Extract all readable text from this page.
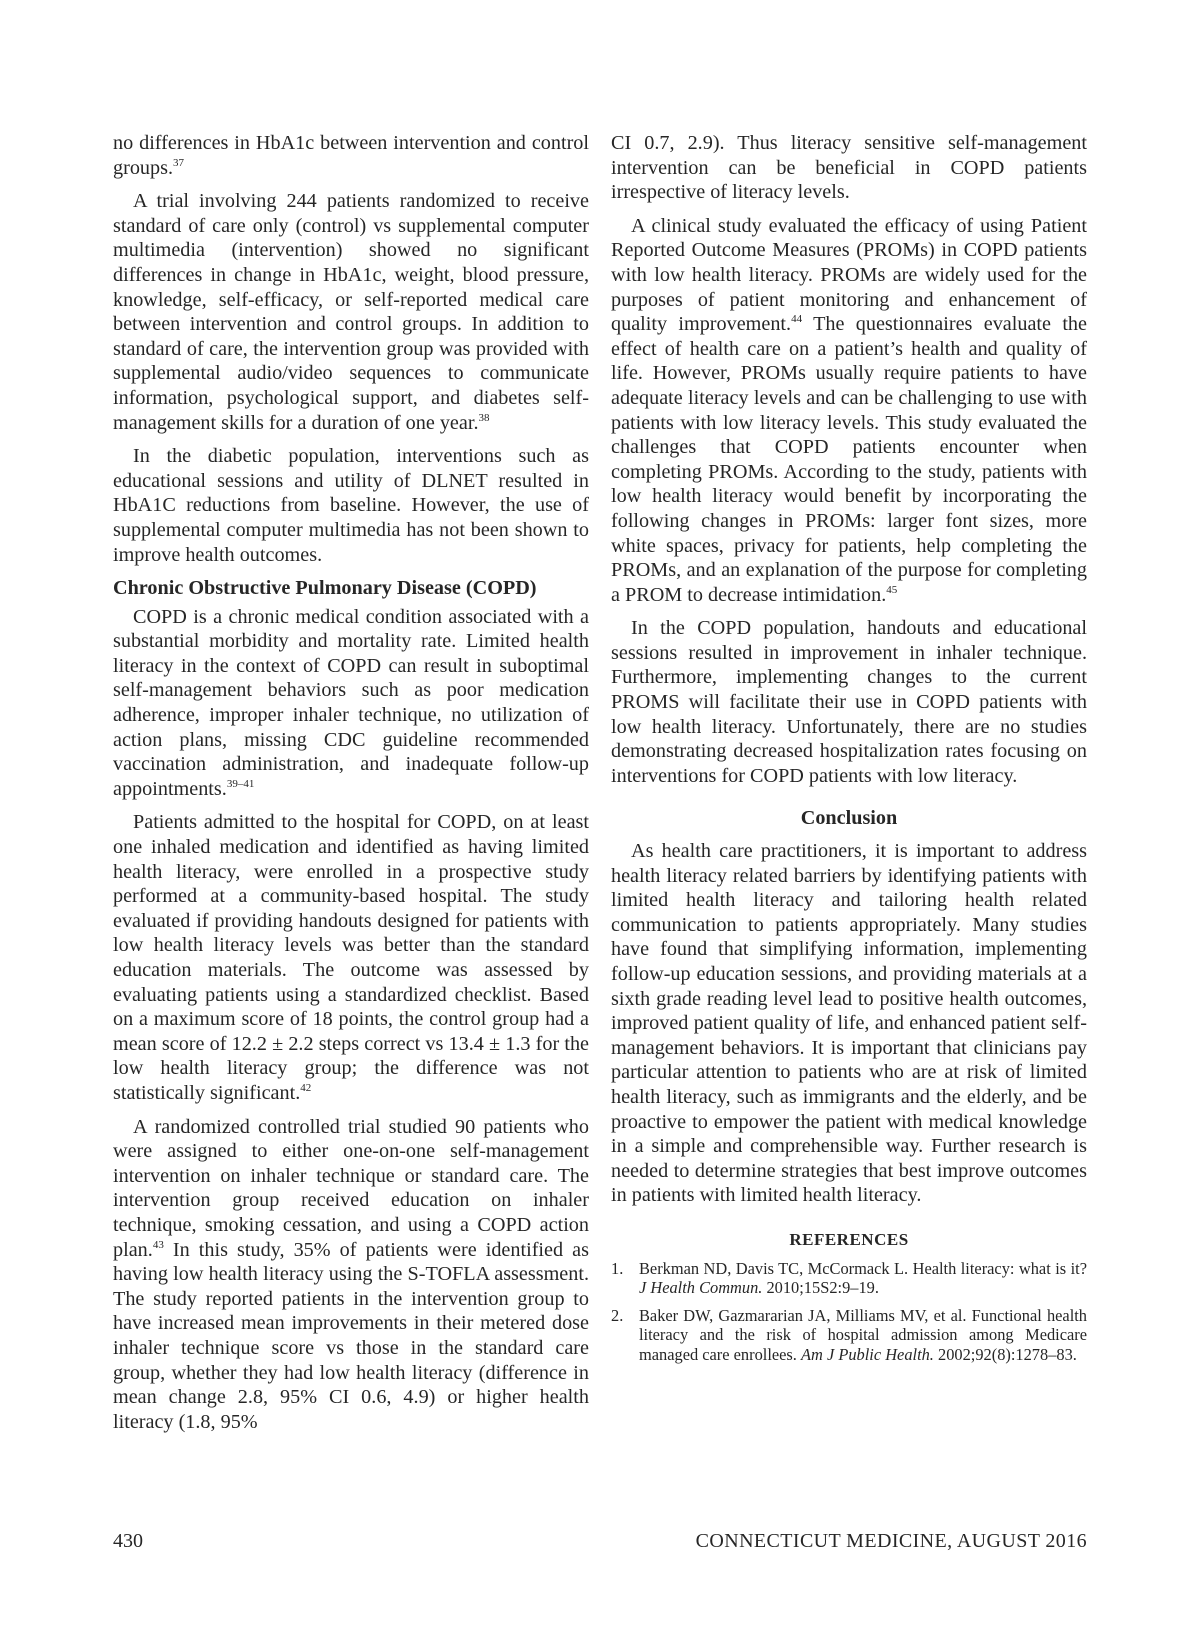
no differences in HbA1c between intervention and control groups.$^{37}$

A trial involving 244 patients randomized to receive standard of care only (control) vs supplemental computer multimedia (intervention) showed no significant differences in change in HbA1c, weight, blood pressure, knowledge, self-efficacy, or self-reported medical care between intervention and control groups. In addition to standard of care, the intervention group was provided with supplemental audio/video sequences to communicate information, psychological support, and diabetes self-management skills for a duration of one year.$^{38}$

In the diabetic population, interventions such as educational sessions and utility of DLNET resulted in HbA1C reductions from baseline. However, the use of supplemental computer multimedia has not been shown to improve health outcomes.

Chronic Obstructive Pulmonary Disease (COPD)

COPD is a chronic medical condition associated with a substantial morbidity and mortality rate. Limited health literacy in the context of COPD can result in suboptimal self-management behaviors such as poor medication adherence, improper inhaler technique, no utilization of action plans, missing CDC guideline recommended vaccination administration, and inadequate follow-up appointments.$^{39-41}$

Patients admitted to the hospital for COPD, on at least one inhaled medication and identified as having limited health literacy, were enrolled in a prospective study performed at a community-based hospital. The study evaluated if providing handouts designed for patients with low health literacy levels was better than the standard education materials. The outcome was assessed by evaluating patients using a standardized checklist. Based on a maximum score of 18 points, the control group had a mean score of 12.2 ± 2.2 steps correct vs 13.4 ± 1.3 for the low health literacy group; the difference was not statistically significant.$^{42}$

A randomized controlled trial studied 90 patients who were assigned to either one-on-one self-management intervention on inhaler technique or standard care. The intervention group received education on inhaler technique, smoking cessation, and using a COPD action plan.$^{43}$ In this study, 35% of patients were identified as having low health literacy using the S-TOFLA assessment. The study reported patients in the intervention group to have increased mean improvements in their metered dose inhaler technique score vs those in the standard care group, whether they had low health literacy (difference in mean change 2.8, 95% CI 0.6, 4.9) or higher health literacy (1.8, 95%

CI 0.7, 2.9). Thus literacy sensitive self-management intervention can be beneficial in COPD patients irrespective of literacy levels.

A clinical study evaluated the efficacy of using Patient Reported Outcome Measures (PROMs) in COPD patients with low health literacy. PROMs are widely used for the purposes of patient monitoring and enhancement of quality improvement.$^{44}$ The questionnaires evaluate the effect of health care on a patient’s health and quality of life. However, PROMs usually require patients to have adequate literacy levels and can be challenging to use with patients with low literacy levels. This study evaluated the challenges that COPD patients encounter when completing PROMs. According to the study, patients with low health literacy would benefit by incorporating the following changes in PROMs: larger font sizes, more white spaces, privacy for patients, help completing the PROMs, and an explanation of the purpose for completing a PROM to decrease intimidation.$^{45}$

In the COPD population, handouts and educational sessions resulted in improvement in inhaler technique. Furthermore, implementing changes to the current PROMS will facilitate their use in COPD patients with low health literacy. Unfortunately, there are no studies demonstrating decreased hospitalization rates focusing on interventions for COPD patients with low literacy.

Conclusion

As health care practitioners, it is important to address health literacy related barriers by identifying patients with limited health literacy and tailoring health related communication to patients appropriately. Many studies have found that simplifying information, implementing follow-up education sessions, and providing materials at a sixth grade reading level lead to positive health outcomes, improved patient quality of life, and enhanced patient self-management behaviors. It is important that clinicians pay particular attention to patients who are at risk of limited health literacy, such as immigrants and the elderly, and be proactive to empower the patient with medical knowledge in a simple and comprehensible way. Further research is needed to determine strategies that best improve outcomes in patients with limited health literacy.

REFERENCES
1. Berkman ND, Davis TC, McCormack L. Health literacy: what is it? J Health Commun. 2010;15S2:9–19.
2. Baker DW, Gazmararian JA, Milliams MV, et al. Functional health literacy and the risk of hospital admission among Medicare managed care enrollees. Am J Public Health. 2002;92(8):1278–83.
430	CONNECTICUT MEDICINE, AUGUST 2016
